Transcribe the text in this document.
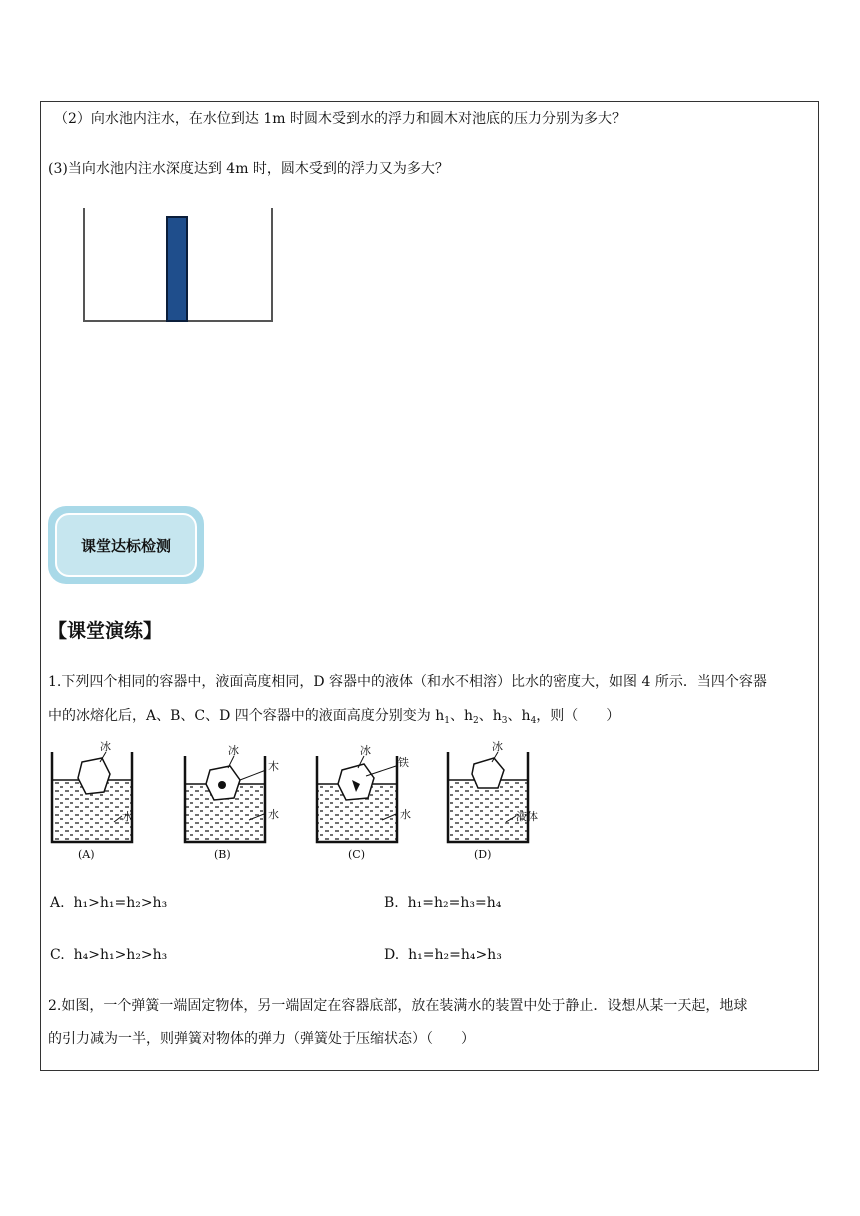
（2）向水池内注水，在水位到达 1m 时圆木受到水的浮力和圆木对池底的压力分别为多大？
(3)当向水池内注水深度达到 4m 时，圆木受到的浮力又为多大？
课堂达标检测
【课堂演练】
1.下列四个相同的容器中，液面高度相同，D 容器中的液体（和水不相溶）比水的密度大，如图 4 所示．当四个容器
中的冰熔化后，A、B、C、D 四个容器中的液面高度分别变为 $h_1$、$h_2$、$h_3$、$h_4$，则（　　）
冰
水
(A)
冰
木
水
(B)
冰
铁
水
(C)
冰
液体
(D)
A. h₁>h₁=h₂>h₃	B. h₁=h₂=h₃=h₄
C. h₄>h₁>h₂>h₃	D. h₁=h₂=h₄>h₃
2.如图，一个弹簧一端固定物体，另一端固定在容器底部，放在装满水的装置中处于静止．设想从某一天起，地球
的引力减为一半，则弹簧对物体的弹力（弹簧处于压缩状态）（　　）
